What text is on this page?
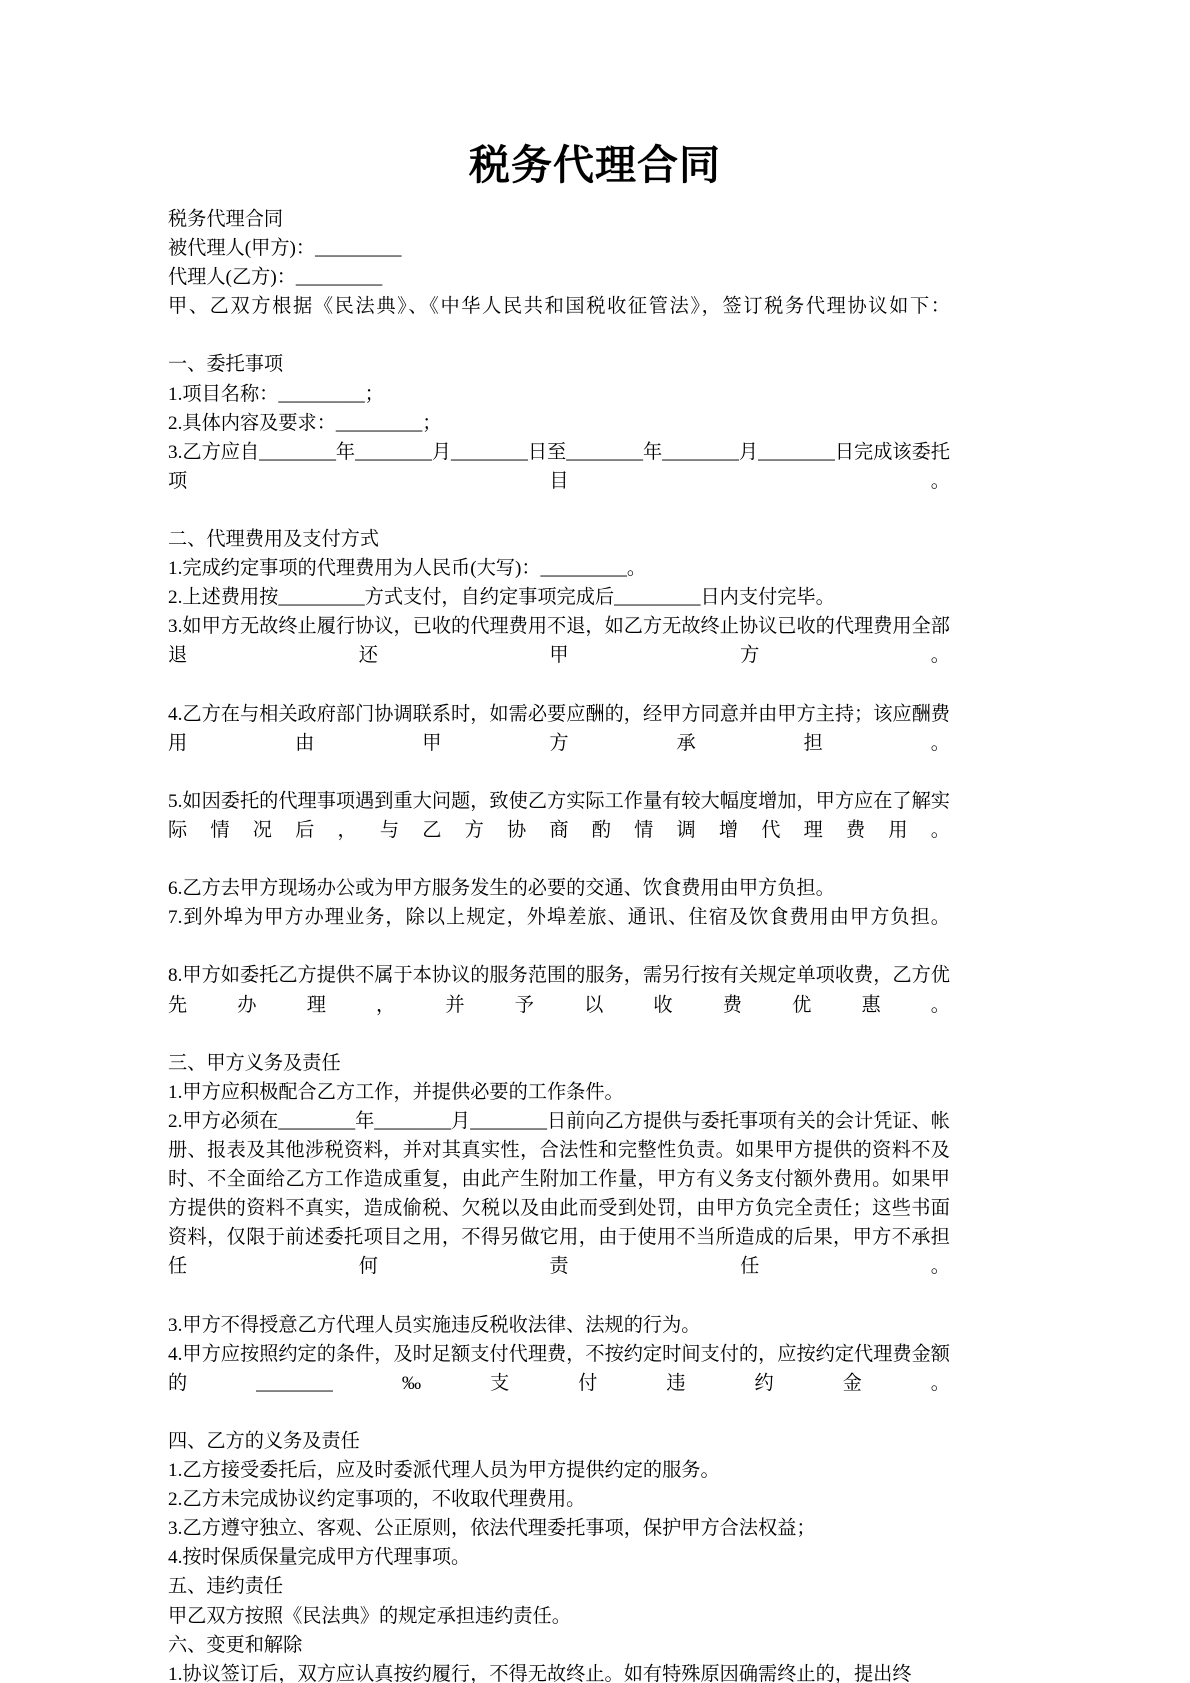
税务代理合同

税务代理合同

被代理人(甲方)：_________

代理人(乙方)：_________

甲、乙双方根据《民法典》、《中华人民共和国税收征管法》，签订税务代理协议如下：

一、委托事项

1.项目名称：_________；

2.具体内容及要求：_________；

3.乙方应自________年________月________日至________年________月________日完成该委托项目。

二、代理费用及支付方式

1.完成约定事项的代理费用为人民币(大写)：_________。

2.上述费用按_________方式支付，自约定事项完成后_________日内支付完毕。

3.如甲方无故终止履行协议，已收的代理费用不退，如乙方无故终止协议已收的代理费用全部退还甲方。

4.乙方在与相关政府部门协调联系时，如需必要应酬的，经甲方同意并由甲方主持；该应酬费用由甲方承担。

5.如因委托的代理事项遇到重大问题，致使乙方实际工作量有较大幅度增加，甲方应在了解实际情况后，与乙方协商酌情调增代理费用。

6.乙方去甲方现场办公或为甲方服务发生的必要的交通、饮食费用由甲方负担。

7.到外埠为甲方办理业务，除以上规定，外埠差旅、通讯、住宿及饮食费用由甲方负担。

8.甲方如委托乙方提供不属于本协议的服务范围的服务，需另行按有关规定单项收费，乙方优先办理，并予以收费优惠。

三、甲方义务及责任

1.甲方应积极配合乙方工作，并提供必要的工作条件。

2.甲方必须在________年________月________日前向乙方提供与委托事项有关的会计凭证、帐册、报表及其他涉税资料，并对其真实性，合法性和完整性负责。如果甲方提供的资料不及时、不全面给乙方工作造成重复，由此产生附加工作量，甲方有义务支付额外费用。如果甲方提供的资料不真实，造成偷税、欠税以及由此而受到处罚，由甲方负完全责任；这些书面资料，仅限于前述委托项目之用，不得另做它用，由于使用不当所造成的后果，甲方不承担任何责任。

3.甲方不得授意乙方代理人员实施违反税收法律、法规的行为。

4.甲方应按照约定的条件，及时足额支付代理费，不按约定时间支付的，应按约定代理费金额的________‰支付违约金。

四、乙方的义务及责任

1.乙方接受委托后，应及时委派代理人员为甲方提供约定的服务。

2.乙方未完成协议约定事项的，不收取代理费用。

3.乙方遵守独立、客观、公正原则，依法代理委托事项，保护甲方合法权益；

4.按时保质保量完成甲方代理事项。

五、违约责任

甲乙双方按照《民法典》的规定承担违约责任。

六、变更和解除

1.协议签订后，双方应认真按约履行，不得无故终止。如有特殊原因确需终止的，提出终
